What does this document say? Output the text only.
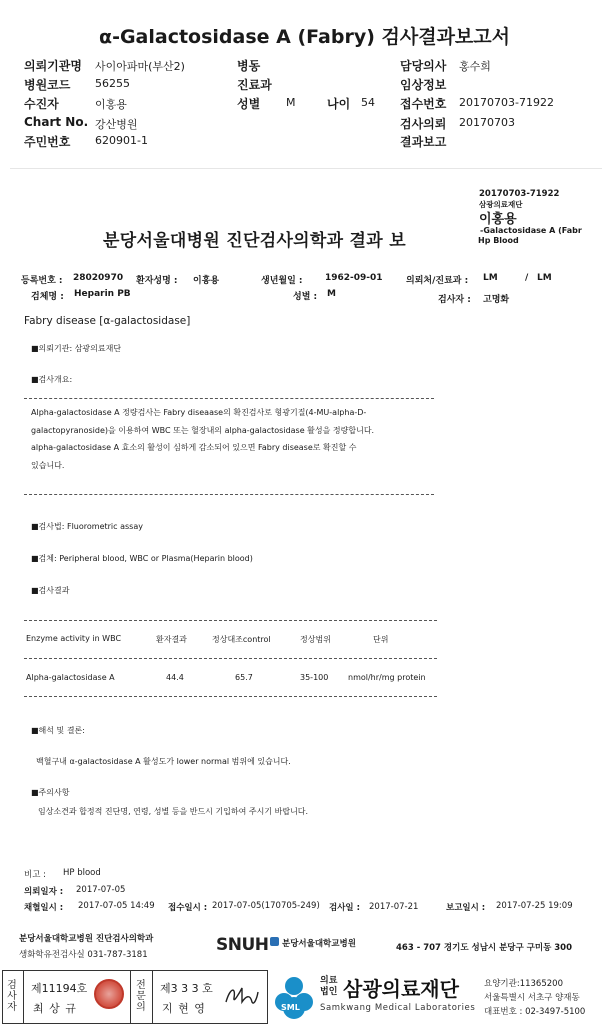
α-Galactosidase A (Fabry) 검사결과보고서
의뢰기관명 사이아파마(부산2)	병동	담당의사 홍수희
병원코드 56255	진료과	임상정보
수진자	이홍용	성별 M	나이 54 접수번호 20170703-71922
Chart No. 강산병원	검사의뢰 20170703
주민번호 620901-1	결과보고
20170703-71922
삼광의료재단
이홍용
-Galactosidase A (Fabr
Hp Blood
분당서울대병원 진단검사의학과 결과 보
등록번호 : 28020970 환자성명 : 이홍용	생년월일 : 1962-09-01	의뢰처/진료과 : LM	/ LM
검체명 : Heparin PB	성별 : M
검사자 : 고명화
Fabry disease [α-galactosidase]
■의뢰기관: 삼광의료재단
■검사개요:
Alpha-galactosidase A 정량검사는 Fabry diseaase의 확진검사로 형광기질(4-MU-alpha-D-
galactopyranoside)을 이용하여 WBC 또는 혈장내의 alpha-galactosidase 활성을 정량합니다.
alpha-galactosidase A 효소의 활성이 심하게 감소되어 있으면 Fabry disease로 확진할 수
있습니다.
■검사법: Fluorometric assay
■검체: Peripheral blood, WBC or Plasma(Heparin blood)
■검사결과
Enzyme activity in WBC	환자결과	정상대조control	정상범위	단위
Alpha-galactosidase A	44.4	65.7	35-100 nmol/hr/mg protein
■해석 및 결론:
백혈구내 α-galactosidase A 활성도가 lower normal 범위에 있습니다.
■주의사항
임상소견과 합정적 진단명, 연령, 성별 등을 반드시 기입하여 주시기 바랍니다.
비고 : HP blood
의뢰일자 : 2017-07-05
채혈일시 : 2017-07-05 14:49 접수일시 : 2017-07-05(170705-249) 검사일 : 2017-07-21	보고일시 : 2017-07-25 19:09
분당서울대학교병원 진단검사의학과
생화학유전검사실 031-787-3181	SNUH 분당서울대학교병원	463 - 707 경기도 성남시 분당구 구미동 300
검사자
제11194호
최 상 규
전문의
제3 3 3 호
지 현 영	SML
의료법인 삼광의료재단
Samkwang Medical Laboratories
요양기관:11365200
서울특별시 서초구 양재동
대표번호 : 02-3497-5100
